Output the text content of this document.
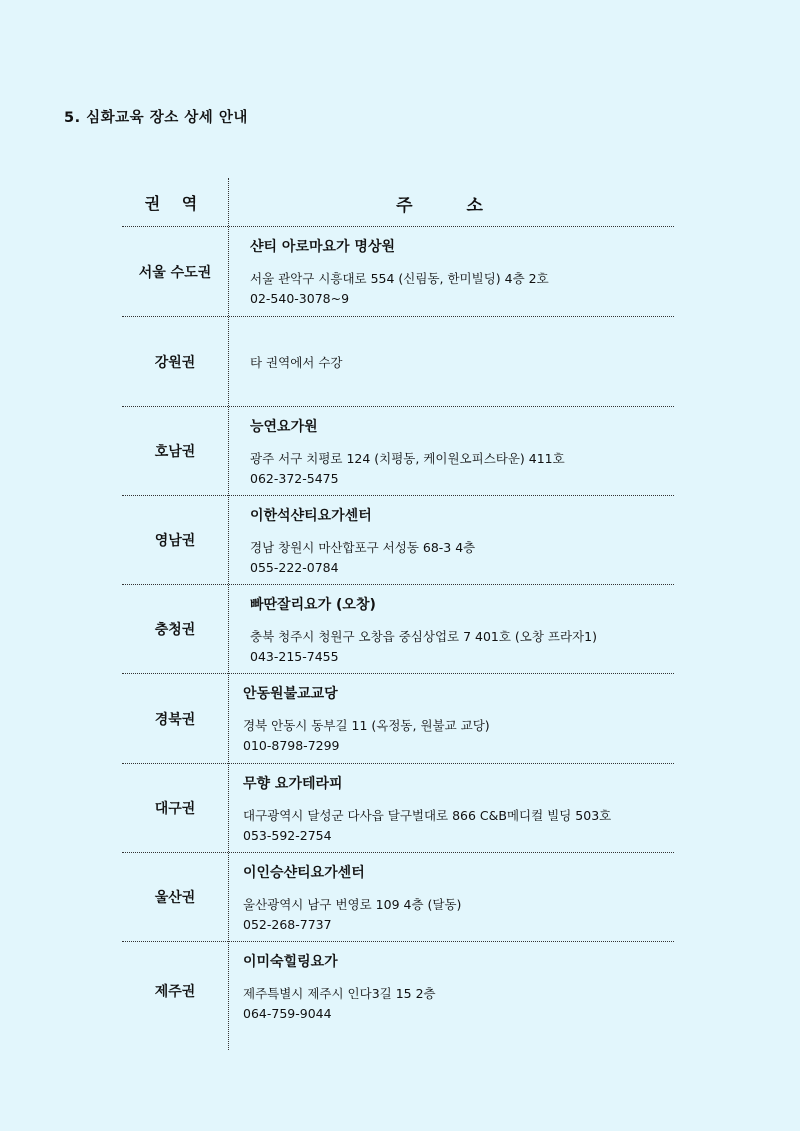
5. 심화교육 장소 상세 안내
권 역	주 소
서울 수도권
샨티 아로마요가 명상원
서울 관악구 시흥대로 554 (신림동, 한미빌딩) 4층 2호
02-540-3078~9
강원권	타 권역에서 수강
호남권
능연요가원
광주 서구 치평로 124 (치평동, 케이원오피스타운) 411호
062-372-5475
영남권
이한석샨티요가센터
경남 창원시 마산합포구 서성동 68-3 4층
055-222-0784
충청권
빠딴잘리요가 (오창)
충북 청주시 청원구 오창읍 중심상업로 7 401호 (오창 프라자1)
043-215-7455
경북권
안동원불교교당
경북 안동시 동부길 11 (옥정동, 원불교 교당)
010-8798-7299
대구권
무향 요가테라피
대구광역시 달성군 다사읍 달구벌대로 866 C&B메디컬 빌딩 503호
053-592-2754
울산권
이인승샨티요가센터
울산광역시 남구 번영로 109 4층 (달동)
052-268-7737
제주권
이미숙힐링요가
제주특별시 제주시 인다3길 15 2층
064-759-9044
